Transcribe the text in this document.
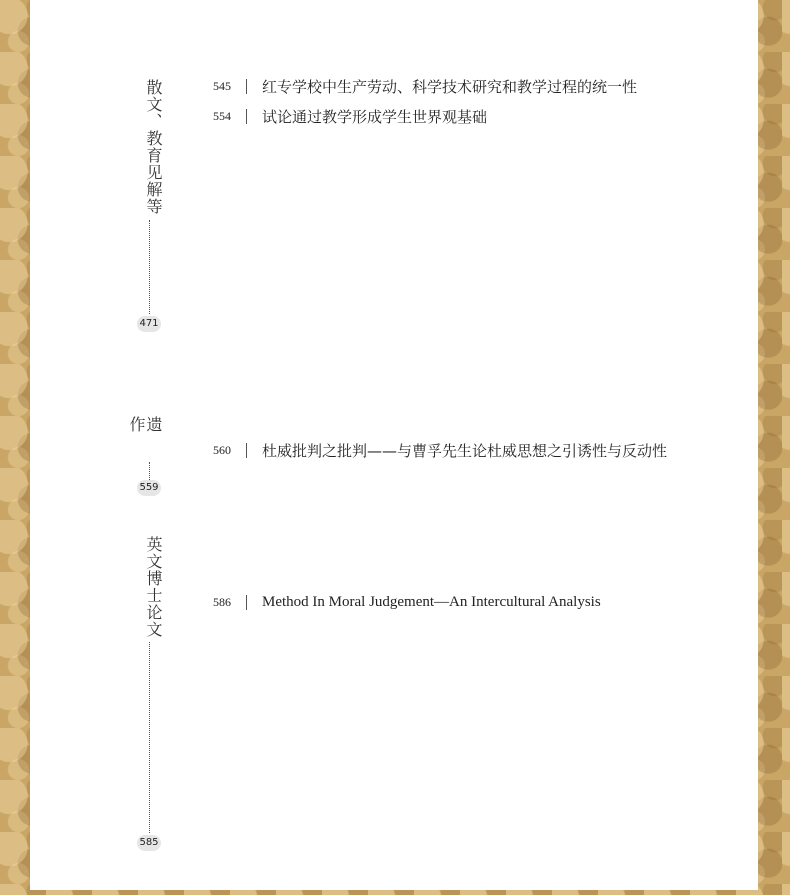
散文、教育见解等
471
545	红专学校中生产劳动、科学技术研究和教学过程的统一性
554	试论通过教学形成学生世界观基础
遗作
559
560	杜威批判之批判——与曹孚先生论杜威思想之引诱性与反动性
英文博士论文
585
586	Method In Moral Judgement—An Intercultural Analysis
